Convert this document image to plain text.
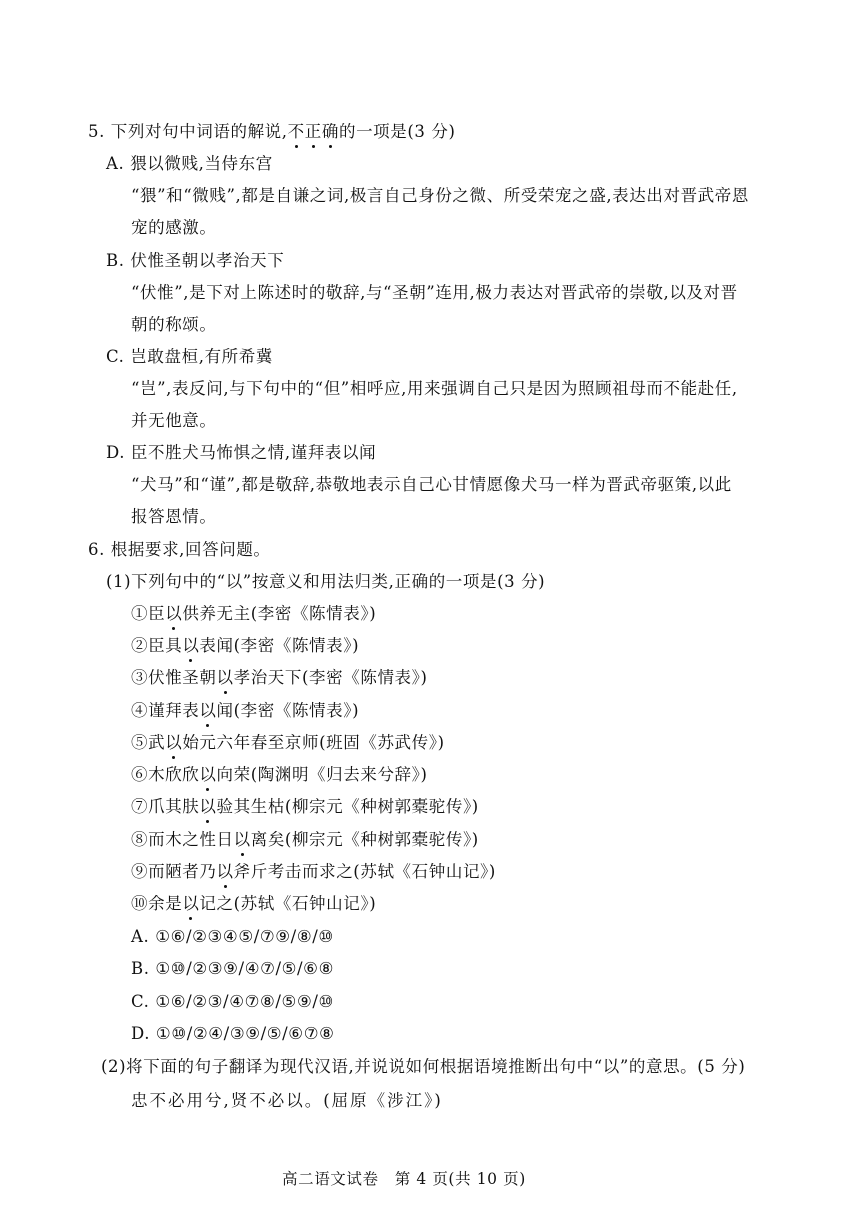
5. 下列对句中词语的解说,不正确的一项是(3 分)
A. 猥以微贱,当侍东宫
“猥”和“微贱”,都是自谦之词,极言自己身份之微、所受荣宠之盛,表达出对晋武帝恩
宠的感激。
B. 伏惟圣朝以孝治天下
“伏惟”,是下对上陈述时的敬辞,与“圣朝”连用,极力表达对晋武帝的崇敬,以及对晋
朝的称颂。
C. 岂敢盘桓,有所希冀
“岂”,表反问,与下句中的“但”相呼应,用来强调自己只是因为照顾祖母而不能赴任,
并无他意。
D. 臣不胜犬马怖惧之情,谨拜表以闻
“犬马”和“谨”,都是敬辞,恭敬地表示自己心甘情愿像犬马一样为晋武帝驱策,以此
报答恩情。
6. 根据要求,回答问题。
(1)下列句中的“以”按意义和用法归类,正确的一项是(3 分)
①臣以供养无主(李密《陈情表》)
②臣具以表闻(李密《陈情表》)
③伏惟圣朝以孝治天下(李密《陈情表》)
④谨拜表以闻(李密《陈情表》)
⑤武以始元六年春至京师(班固《苏武传》)
⑥木欣欣以向荣(陶渊明《归去来兮辞》)
⑦爪其肤以验其生枯(柳宗元《种树郭橐驼传》)
⑧而木之性日以离矣(柳宗元《种树郭橐驼传》)
⑨而陋者乃以斧斤考击而求之(苏轼《石钟山记》)
⑩余是以记之(苏轼《石钟山记》)
A. ①⑥/②③④⑤/⑦⑨/⑧/⑩
B. ①⑩/②③⑨/④⑦/⑤/⑥⑧
C. ①⑥/②③/④⑦⑧/⑤⑨/⑩
D. ①⑩/②④/③⑨/⑤/⑥⑦⑧
(2)将下面的句子翻译为现代汉语,并说说如何根据语境推断出句中“以”的意思。(5 分)
忠不必用兮,贤不必以。(屈原《涉江》)
高二语文试卷　第 4 页(共 10 页)
